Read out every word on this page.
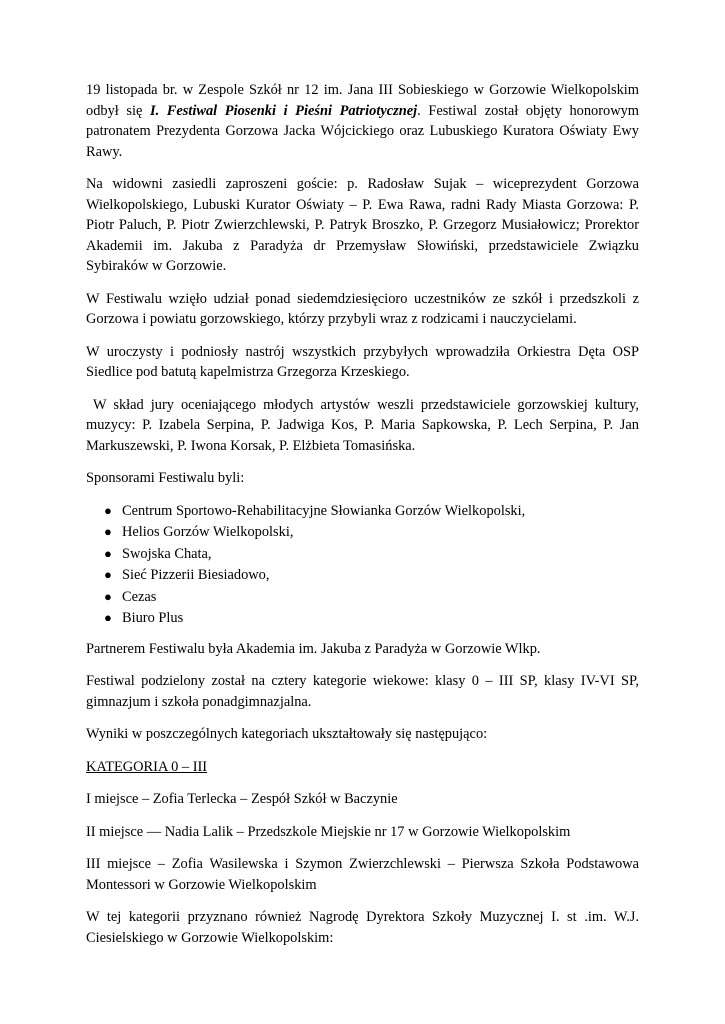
19 listopada br. w Zespole Szkół nr 12 im. Jana III Sobieskiego w Gorzowie Wielkopolskim odbył się I. Festiwal Piosenki i Pieśni Patriotycznej. Festiwal został objęty honorowym patronatem Prezydenta Gorzowa Jacka Wójcickiego oraz Lubuskiego Kuratora Oświaty Ewy Rawy.

Na widowni zasiedli zaproszeni goście: p. Radosław Sujak – wiceprezydent Gorzowa Wielkopolskiego, Lubuski Kurator Oświaty – P. Ewa Rawa, radni Rady Miasta Gorzowa: P. Piotr Paluch, P. Piotr Zwierzchlewski, P. Patryk Broszko, P. Grzegorz Musiałowicz; Prorektor Akademii im. Jakuba z Paradyża dr Przemysław Słowiński, przedstawiciele Związku Sybiraków w Gorzowie.

W Festiwalu wzięło udział ponad siedemdziesięcioro uczestników ze szkół i przedszkoli z Gorzowa i powiatu gorzowskiego, którzy przybyli wraz z rodzicami i nauczycielami.

W uroczysty i podniosły nastrój wszystkich przybyłych wprowadziła Orkiestra Dęta OSP Siedlice pod batutą kapelmistrza Grzegorza Krzeskiego.

W skład jury oceniającego młodych artystów weszli przedstawiciele gorzowskiej kultury, muzycy: P. Izabela Serpina, P. Jadwiga Kos, P. Maria Sapkowska, P. Lech Serpina, P. Jan Markuszewski, P. Iwona Korsak, P. Elżbieta Tomasińska.

Sponsorami Festiwalu byli:

● Centrum Sportowo-Rehabilitacyjne Słowianka Gorzów Wielkopolski,
● Helios Gorzów Wielkopolski,
● Swojska Chata,
● Sieć Pizzerii Biesiadowo,
● Cezas
● Biuro Plus

Partnerem Festiwalu była Akademia im. Jakuba z Paradyża w Gorzowie Wlkp.

Festiwal podzielony został na cztery kategorie wiekowe: klasy 0 – III SP, klasy IV-VI SP, gimnazjum i szkoła ponadgimnazjalna.

Wyniki w poszczególnych kategoriach ukształtowały się następująco:

KATEGORIA 0 – III

I miejsce – Zofia Terlecka – Zespół Szkół w Baczynie

II miejsce — Nadia Lalik – Przedszkole Miejskie nr 17 w Gorzowie Wielkopolskim

III miejsce – Zofia Wasilewska i Szymon Zwierzchlewski – Pierwsza Szkoła Podstawowa Montessori w Gorzowie Wielkopolskim

W tej kategorii przyznano również Nagrodę Dyrektora Szkoły Muzycznej I. st .im. W.J. Ciesielskiego w Gorzowie Wielkopolskim:
